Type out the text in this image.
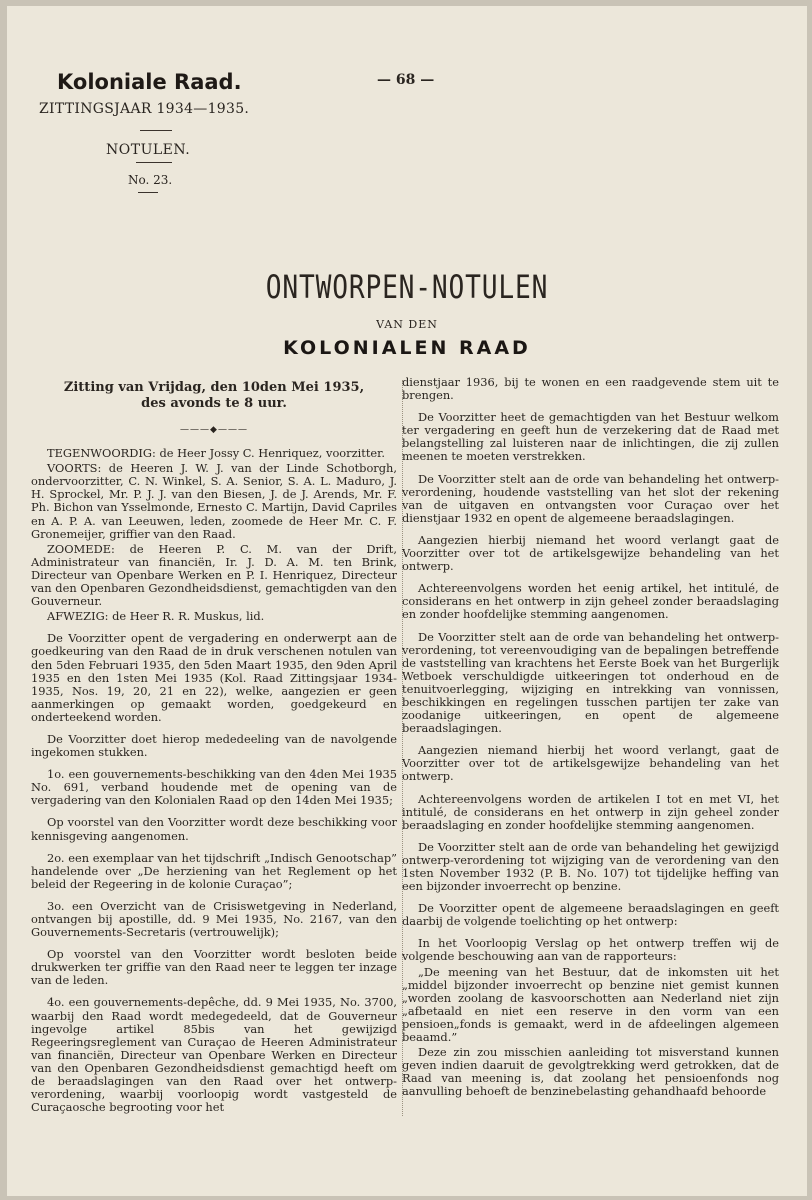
Koloniale Raad.
ZITTINGSJAAR 1934—1935.
— 68 —
NOTULEN.
No. 23.
ONTWORPEN-NOTULEN
VAN DEN
KOLONIALEN RAAD
Zitting van Vrijdag, den 10den Mei 1935,
des avonds te 8 uur.
———◆———

TEGENWOORDIG: de Heer Jossy C. Henriquez, voorzitter.

VOORTS: de Heeren J. W. J. van der Linde Schotborgh, ondervoorzitter, C. N. Winkel, S. A. Senior, S. A. L. Maduro, J. H. Sprockel, Mr. P. J. J. van den Biesen, J. de J. Arends, Mr. F. Ph. Bichon van Ysselmonde, Ernesto C. Martijn, David Capriles en A. P. A. van Leeuwen, leden, zoomede de Heer Mr. C. F. Gronemeijer, griffier van den Raad.

ZOOMEDE: de Heeren P. C. M. van der Drift, Administrateur van financiën, Ir. J. D. A. M. ten Brink, Directeur van Openbare Werken en P. I. Henriquez, Directeur van den Openbaren Gezondheidsdienst, gemachtigden van den Gouverneur.

AFWEZIG: de Heer R. R. Muskus, lid.

De Voorzitter opent de vergadering en onderwerpt aan de goedkeuring van den Raad de in druk verschenen notulen van den 5den Februari 1935, den 5den Maart 1935, den 9den April 1935 en den 1sten Mei 1935 (Kol. Raad Zittingsjaar 1934-1935, Nos. 19, 20, 21 en 22), welke, aangezien er geen aanmerkingen op gemaakt worden, goedgekeurd en onderteekend worden.

De Voorzitter doet hierop mededeeling van de navolgende ingekomen stukken.

1o. een gouvernements-beschikking van den 4den Mei 1935 No. 691, verband houdende met de opening van de vergadering van den Kolonialen Raad op den 14den Mei 1935;

Op voorstel van den Voorzitter wordt deze beschikking voor kennisgeving aangenomen.

2o. een exemplaar van het tijdschrift „Indisch Genootschap” handelende over „De herziening van het Reglement op het beleid der Regeering in de kolonie Curaçao”;

3o. een Overzicht van de Crisiswetgeving in Nederland, ontvangen bij apostille, dd. 9 Mei 1935, No. 2167, van den Gouvernements-Secretaris (vertrouwelijk);

Op voorstel van den Voorzitter wordt besloten beide drukwerken ter griffie van den Raad neer te leggen ter inzage van de leden.

4o. een gouvernements-depêche, dd. 9 Mei 1935, No. 3700, waarbij den Raad wordt medegedeeld, dat de Gouverneur ingevolge artikel 85bis van het gewijzigd Regeeringsreglement van Curaçao de Heeren Administrateur van financiën, Directeur van Openbare Werken en Directeur van den Openbaren Gezondheidsdienst gemachtigd heeft om de beraadslagingen van den Raad over het ontwerp-verordening, waarbij voorloopig wordt vastgesteld de Curaçaosche begrooting voor het

dienstjaar 1936, bij te wonen en een raadgevende stem uit te brengen.

De Voorzitter heet de gemachtigden van het Bestuur welkom ter vergadering en geeft hun de verzekering dat de Raad met belangstelling zal luisteren naar de inlichtingen, die zij zullen meenen te moeten verstrekken.

De Voorzitter stelt aan de orde van behandeling het ontwerp-verordening, houdende vaststelling van het slot der rekening van de uitgaven en ontvangsten voor Curaçao over het dienstjaar 1932 en opent de algemeene beraadslagingen.

Aangezien hierbij niemand het woord verlangt gaat de Voorzitter over tot de artikelsgewijze behandeling van het ontwerp.

Achtereenvolgens worden het eenig artikel, het intitulé, de considerans en het ontwerp in zijn geheel zonder beraadslaging en zonder hoofdelijke stemming aangenomen.

De Voorzitter stelt aan de orde van behandeling het ontwerp-verordening, tot vereenvoudiging van de bepalingen betreffende de vaststelling van krachtens het Eerste Boek van het Burgerlijk Wetboek verschuldigde uitkeeringen tot onderhoud en de tenuitvoerlegging, wijziging en intrekking van vonnissen, beschikkingen en regelingen tusschen partijen ter zake van zoodanige uitkeeringen, en opent de algemeene beraadslagingen.

Aangezien niemand hierbij het woord verlangt, gaat de Voorzitter over tot de artikelsgewijze behandeling van het ontwerp.

Achtereenvolgens worden de artikelen I tot en met VI, het intitulé, de considerans en het ontwerp in zijn geheel zonder beraadslaging en zonder hoofdelijke stemming aangenomen.

De Voorzitter stelt aan de orde van behandeling het gewijzigd ontwerp-verordening tot wijziging van de verordening van den 1sten November 1932 (P. B. No. 107) tot tijdelijke heffing van een bijzonder invoerrecht op benzine.

De Voorzitter opent de algemeene beraadslagingen en geeft daarbij de volgende toelichting op het ontwerp:

In het Voorloopig Verslag op het ontwerp treffen wij de volgende beschouwing aan van de rapporteurs:

„De meening van het Bestuur, dat de inkomsten uit het „middel bijzonder invoerrecht op benzine niet gemist kunnen „worden zoolang de kasvoorschotten aan Nederland niet zijn „afbetaald en niet een reserve in den vorm van een pensioen„fonds is gemaakt, werd in de afdeelingen algemeen beaamd.”

Deze zin zou misschien aanleiding tot misverstand kunnen geven indien daaruit de gevolgtrekking werd getrokken, dat de Raad van meening is, dat zoolang het pensioenfonds nog aanvulling behoeft de benzinebelasting gehandhaafd behoorde
